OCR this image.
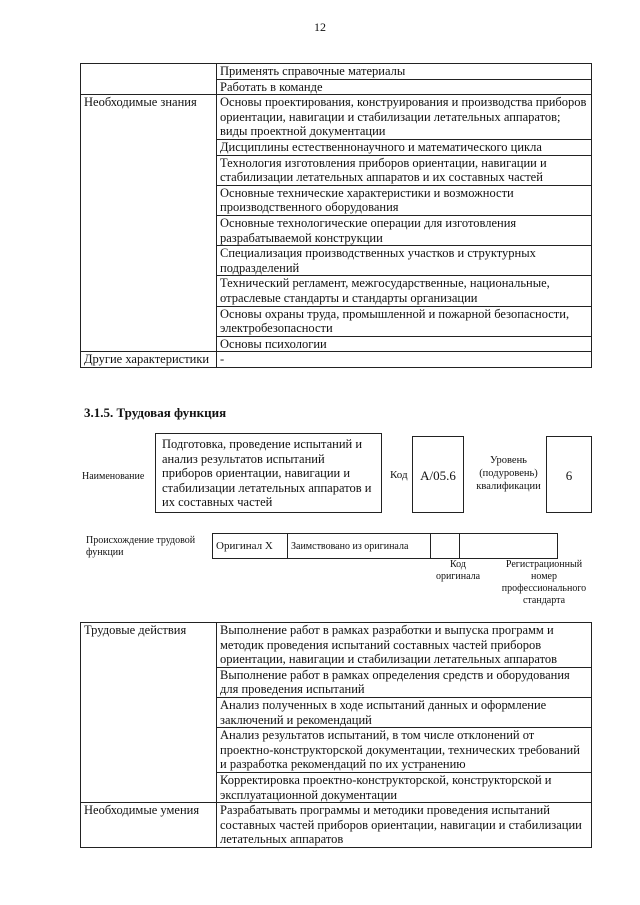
12
	Применять справочные материалы
	Работать в команде
Необходимые знания	Основы проектирования, конструирования и производства приборов ориентации, навигации и стабилизации летательных аппаратов; виды проектной документации
	Дисциплины естественнонаучного и математического цикла
	Технология изготовления приборов ориентации, навигации и стабилизации летательных аппаратов и их составных частей
	Основные технические характеристики и возможности производственного оборудования
	Основные технологические операции для изготовления разрабатываемой конструкции
	Специализация производственных участков и структурных подразделений
	Технический регламент, межгосударственные, национальные, отраслевые стандарты и стандарты организации
	Основы охраны труда, промышленной и пожарной безопасности, электробезопасности
	Основы психологии
Другие характеристики	-
3.1.5. Трудовая функция
Наименование
Подготовка, проведение испытаний и анализ результатов испытаний приборов ориентации, навигации и стабилизации летательных аппаратов и их составных частей
Код A/05.6
Уровень (подуровень) квалификации
6
Происхождение трудовой функции
Оригинал X	Заимствовано из оригинала		
Код оригинала
Регистрационный номер профессионального стандарта
Трудовые действия	Выполнение работ в рамках разработки и выпуска программ и методик проведения испытаний составных частей приборов ориентации, навигации и стабилизации летательных аппаратов
	Выполнение работ в рамках определения средств и оборудования для проведения испытаний
	Анализ полученных в ходе испытаний данных и оформление заключений и рекомендаций
	Анализ результатов испытаний, в том числе отклонений от проектно-конструкторской документации, технических требований и разработка рекомендаций по их устранению
	Корректировка проектно-конструкторской, конструкторской и эксплуатационной документации
Необходимые умения	Разрабатывать программы и методики проведения испытаний составных частей приборов ориентации, навигации и стабилизации летательных аппаратов
